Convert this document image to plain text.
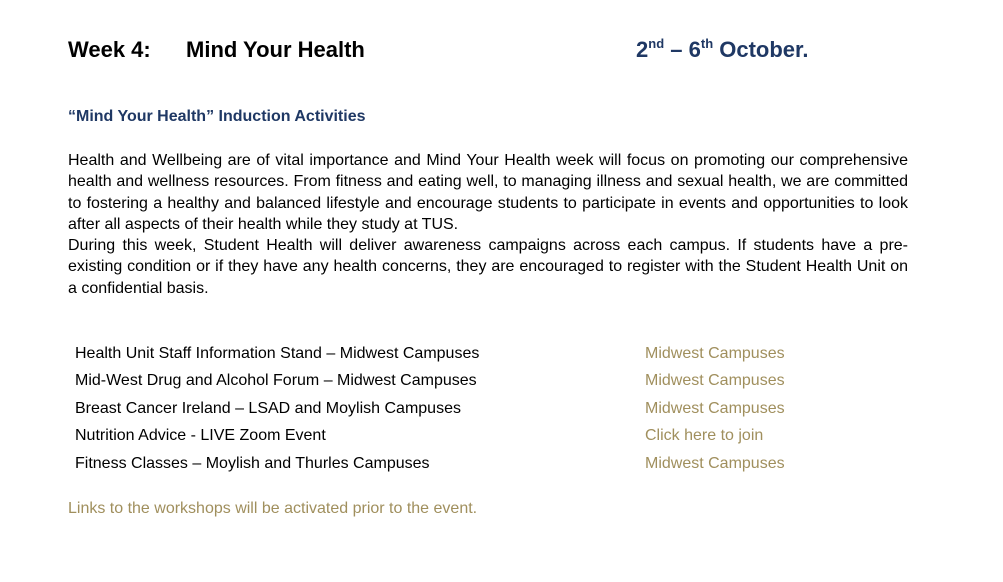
Week 4: Mind Your Health	2nd – 6th October.
“Mind Your Health” Induction Activities

Health and Wellbeing are of vital importance and Mind Your Health week will focus on promoting our comprehensive health and wellness resources. From fitness and eating well, to managing illness and sexual health, we are committed to fostering a healthy and balanced lifestyle and encourage students to participate in events and opportunities to look after all aspects of their health while they study at TUS.

During this week, Student Health will deliver awareness campaigns across each campus. If students have a pre-existing condition or if they have any health concerns, they are encouraged to register with the Student Health Unit on a confidential basis.

Health Unit Staff Information Stand – Midwest Campuses	Midwest Campuses
Mid-West Drug and Alcohol Forum – Midwest Campuses	Midwest Campuses
Breast Cancer Ireland – LSAD and Moylish Campuses	Midwest Campuses
Nutrition Advice - LIVE Zoom Event	Click here to join
Fitness Classes – Moylish and Thurles Campuses	Midwest Campuses

Links to the workshops will be activated prior to the event.
